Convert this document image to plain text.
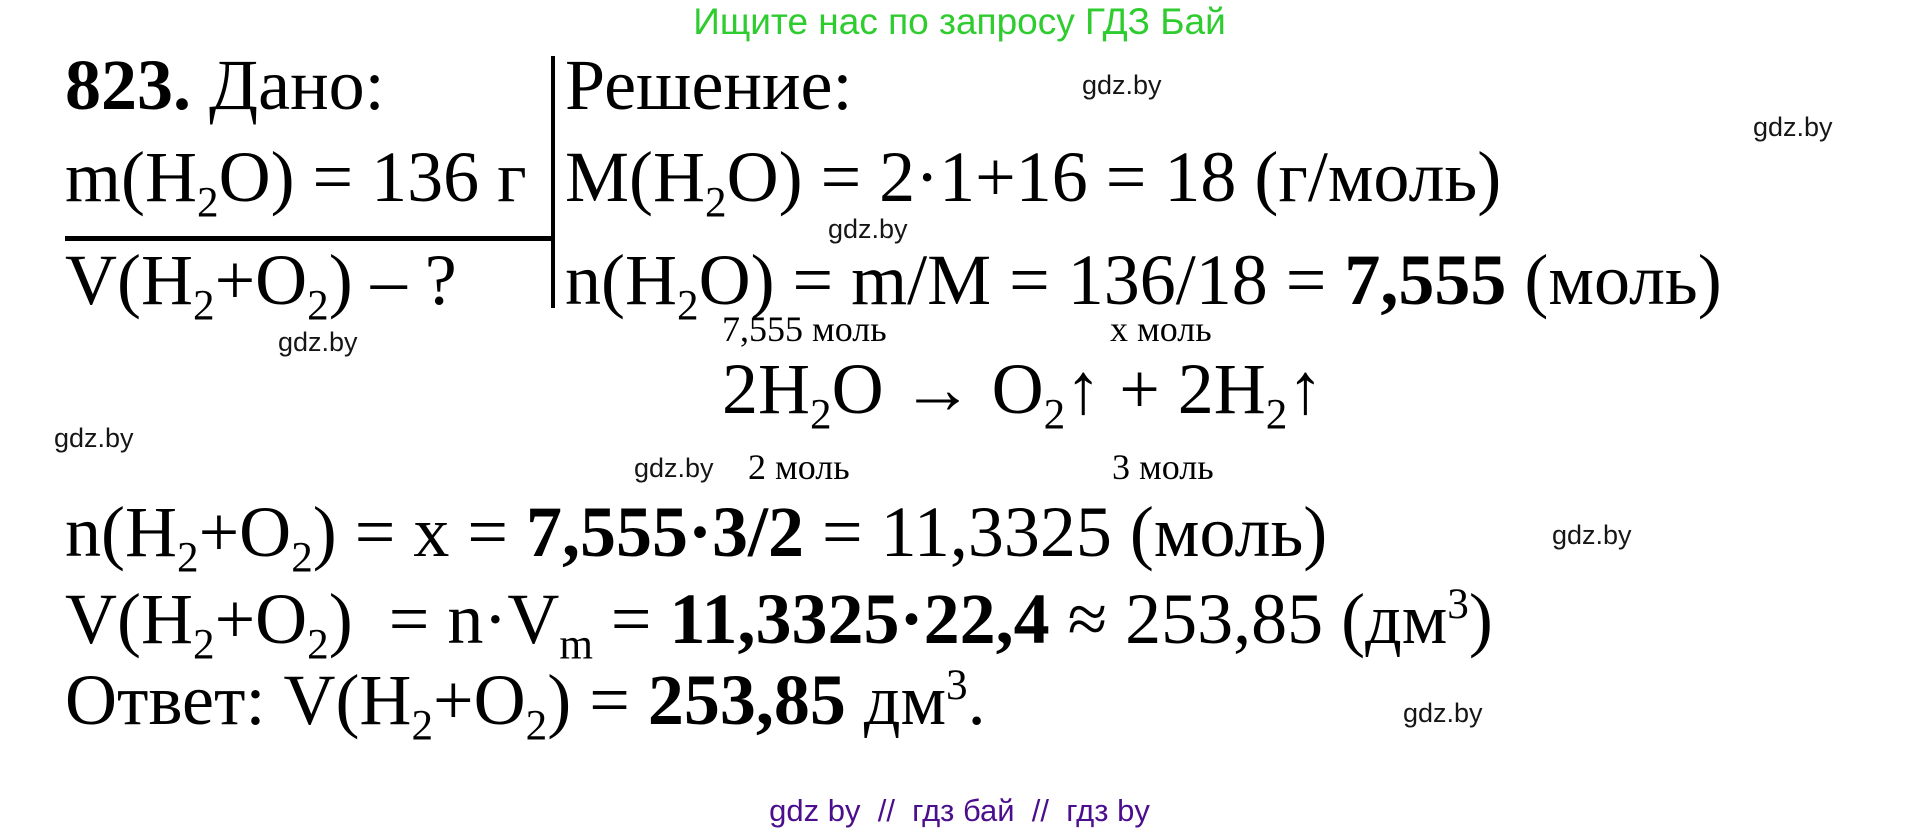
Ищите нас по запросу ГДЗ Бай
823. Дано:
$m(H_2O) = 136$ г
$V(H_2+O_2)$ – ?
Решение:
$M(H_2O) = 2\cdot 1+16 = 18$ (г/моль)
$n(H_2O) = m/M = 136/18 = 7,555$ (моль)
7,555 моль	х моль
$2H_2O$ → $O_2↑$ + $2H_2↑$
2 моль	3 моль
$n(H_2+O_2) = х = 7,555\cdot 3/2 = 11,3325$ (моль)
$V(H_2+O_2) = n\cdot V_m = 11,3325\cdot 22,4 \approx 253,85$ $(дм^3)$
Ответ: $V(H_2+O_2) = 253,85$ $дм^3$.
gdz.by
gdz.by
gdz.by
gdz.by
gdz.by
gdz.by
gdz.by
gdz.by
gdz by  //  гдз бай  //  гдз by
